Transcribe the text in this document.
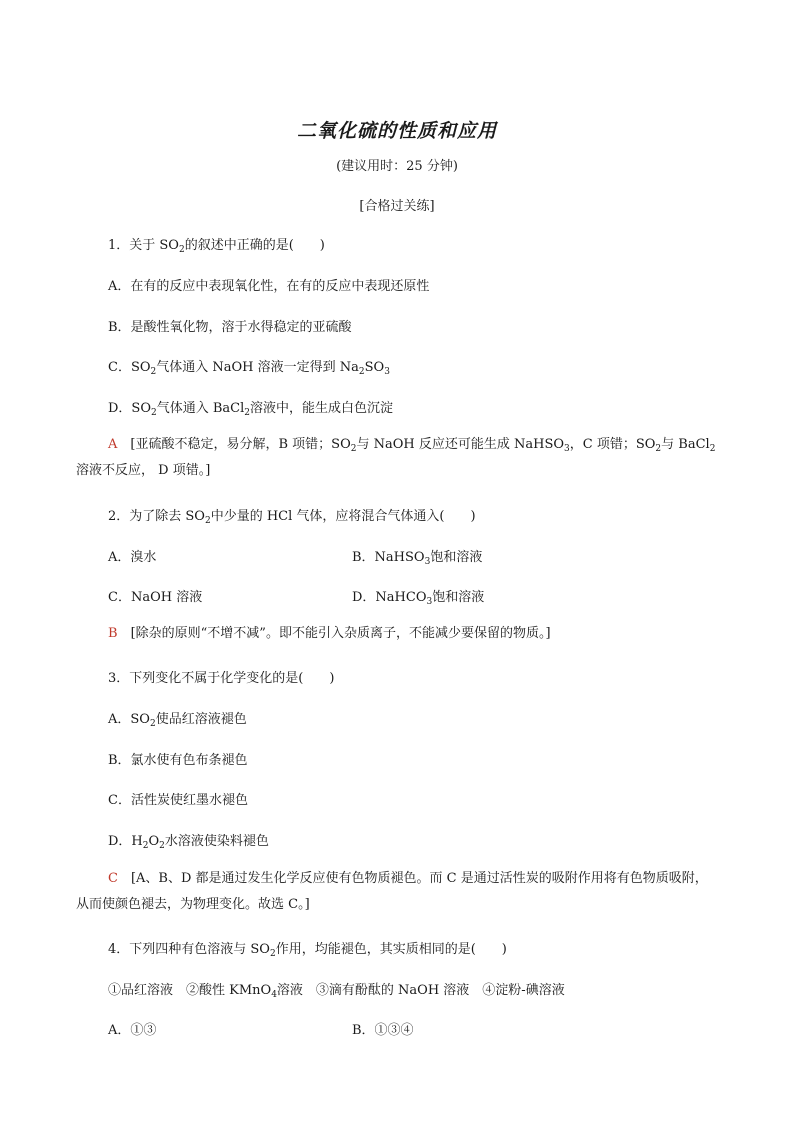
二氧化硫的性质和应用
(建议用时：25 分钟)
[合格过关练]
1．关于 $SO_2$的叙述中正确的是(　　)
A．在有的反应中表现氧化性，在有的反应中表现还原性
B．是酸性氧化物，溶于水得稳定的亚硫酸
C．$SO_2$气体通入 NaOH 溶液一定得到 $Na_2SO_3$
D．$SO_2$气体通入 BaCl$_2$溶液中，能生成白色沉淀
A　 [亚硫酸不稳定，易分解，B 项错；$SO_2$与 NaOH 反应还可能生成 NaHSO$_3$，C 项错；$SO_2$与 BaCl$_2$溶液不反应， D 项错。]
2．为了除去 $SO_2$中少量的 HCl 气体，应将混合气体通入(　　)
A．溴水	B．NaHSO$_3$饱和溶液
C．NaOH 溶液	D．NaHCO$_3$饱和溶液
B　 [除杂的原则“不增不减”。即不能引入杂质离子，不能减少要保留的物质。]
3．下列变化不属于化学变化的是(　　)
A．$SO_2$使品红溶液褪色
B．氯水使有色布条褪色
C．活性炭使红墨水褪色
D．$H_2O_2$水溶液使染料褪色
C　 [A、B、D 都是通过发生化学反应使有色物质褪色。而 C 是通过活性炭的吸附作用将有色物质吸附，从而使颜色褪去，为物理变化。故选 C。]
4．下列四种有色溶液与 $SO_2$作用，均能褪色，其实质相同的是(　　)
①品红溶液　②酸性 KMnO$_4$溶液　③滴有酚酞的 NaOH 溶液　④淀粉-碘溶液
A．①③	B．①③④
